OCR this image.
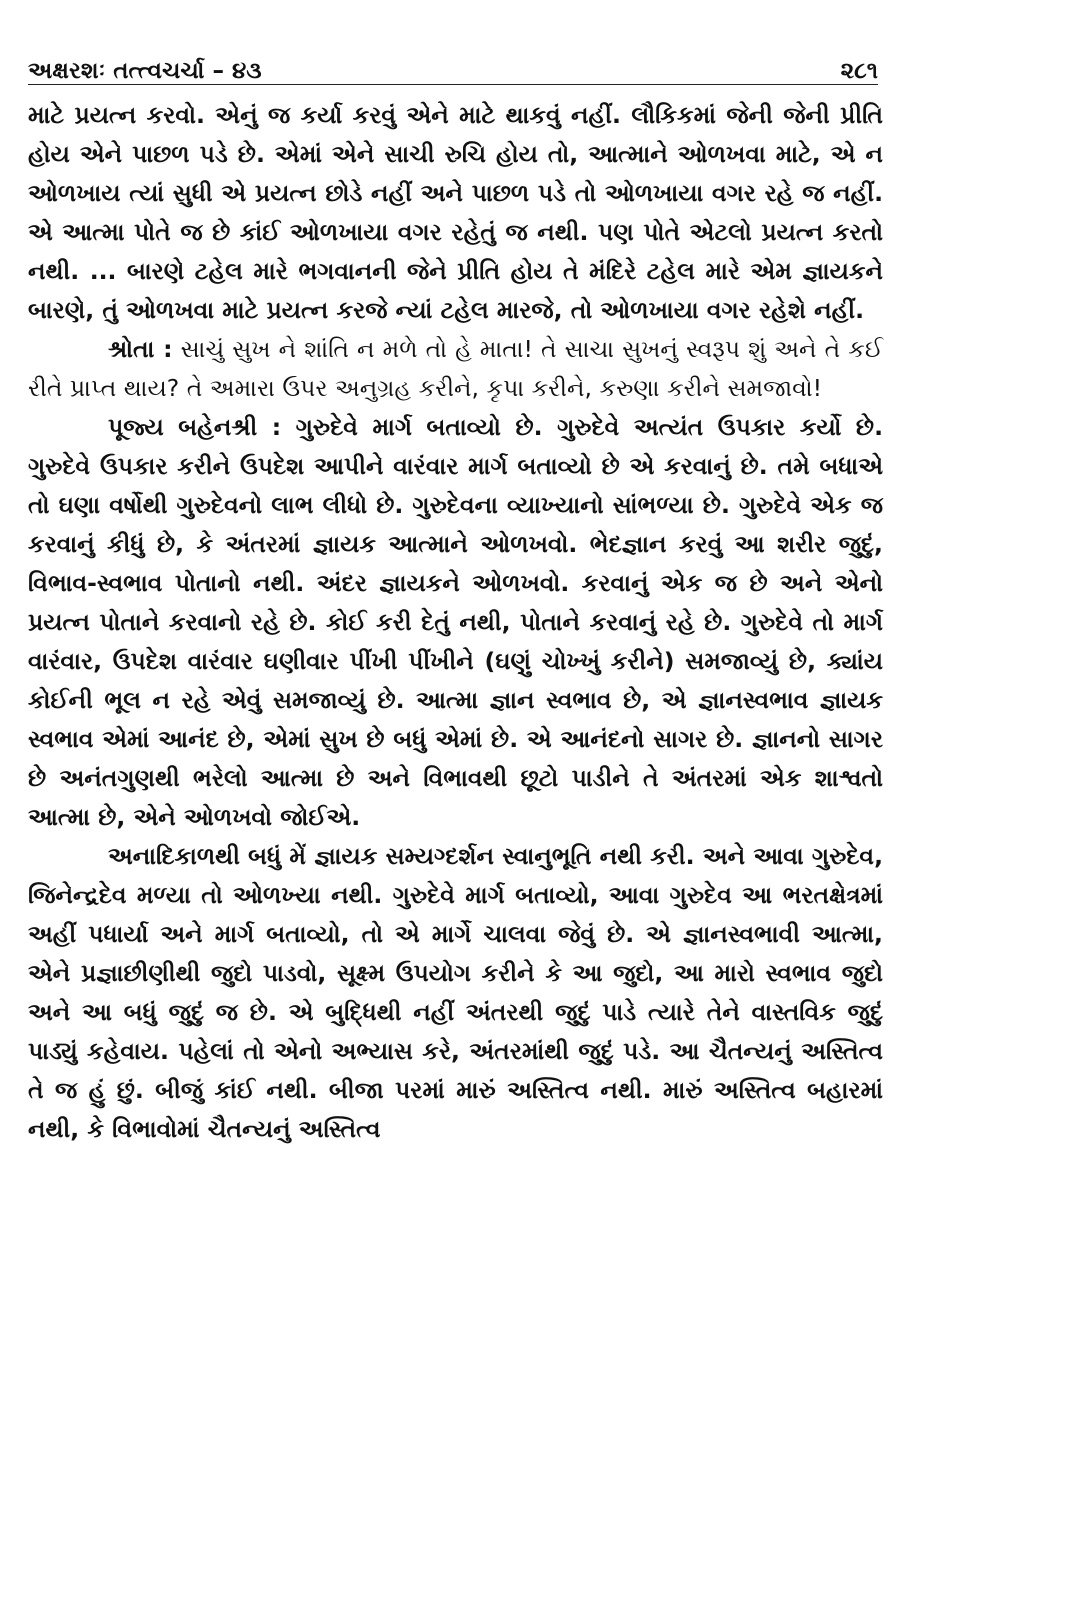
અક્ષરશઃ તત્ત્વચર્ચા – ૪૩	૨૮૧

માટે પ્રયત્ન કરવો. એનું જ કર્યા કરવું એને માટે થાકવું નહીં. લૌકિકમાં જેની જેની પ્રીતિ હોય એને પાછળ પડે છે. એમાં એને સાચી રુચિ હોય તો, આત્માને ઓળખવા માટે, એ ન ઓળખાય ત્યાં સુધી એ પ્રયત્ન છોડે નહીં અને પાછળ પડે તો ઓળખાયા વગર રહે જ નહીં. એ આત્મા પોતે જ છે કાંઈ ઓળખાયા વગર રહેતું જ નથી. પણ પોતે એટલો પ્રયત્ન કરતો નથી. ... બારણે ટહેલ મારે ભગવાનની જેને પ્રીતિ હોય તે મંદિરે ટહેલ મારે એમ જ્ઞાયકને બારણે, તું ઓળખવા માટે પ્રયત્ન કરજે ન્યાં ટહેલ મારજે, તો ઓળખાયા વગર રહેશે નહીં.

શ્રોતા : સાચું સુખ ને શાંતિ ન મળે તો હે માતા! તે સાચા સુખનું સ્વરૂપ શું અને તે કઈ રીતે પ્રાપ્ત થાય? તે અમારા ઉપર અનુગ્રહ કરીને, કૃપા કરીને, કરુણા કરીને સમજાવો!

પૂજ્ય બહેનશ્રી : ગુરુદેવે માર્ગ બતાવ્યો છે. ગુરુદેવે અત્યંત ઉપકાર કર્યો છે. ગુરુદેવે ઉપકાર કરીને ઉપદેશ આપીને વારંવાર માર્ગ બતાવ્યો છે એ કરવાનું છે. તમે બધાએ તો ઘણા વર્ષોથી ગુરુદેવનો લાભ લીધો છે. ગુરુદેવના વ્યાખ્યાનો સાંભળ્યા છે. ગુરુદેવે એક જ કરવાનું કીધું છે, કે અંતરમાં જ્ઞાયક આત્માને ઓળખવો. ભેદજ્ઞાન કરવું આ શરીર જુદું, વિભાવ-સ્વભાવ પોતાનો નથી. અંદર જ્ઞાયકને ઓળખવો. કરવાનું એક જ છે અને એનો પ્રયત્ન પોતાને કરવાનો રહે છે. કોઈ કરી દેતું નથી, પોતાને કરવાનું રહે છે. ગુરુદેવે તો માર્ગ વારંવાર, ઉપદેશ વારંવાર ઘણીવાર પીંખી પીંખીને (ઘણું ચોખ્ખું કરીને) સમજાવ્યું છે, ક્યાંય કોઈની ભૂલ ન રહે એવું સમજાવ્યું છે. આત્મા જ્ઞાન સ્વભાવ છે, એ જ્ઞાનસ્વભાવ જ્ઞાયક સ્વભાવ એમાં આનંદ છે, એમાં સુખ છે બધું એમાં છે. એ આનંદનો સાગર છે. જ્ઞાનનો સાગર છે અનંતગુણથી ભરેલો આત્મા છે અને વિભાવથી છૂટો પાડીને તે અંતરમાં એક શાશ્વતો આત્મા છે, એને ઓળખવો જોઈએ.

અનાદિકાળથી બધું મેં જ્ઞાયક સમ્યગ્દર્શન સ્વાનુભૂતિ નથી કરી. અને આવા ગુરુદેવ, જિનેન્દ્રદેવ મળ્યા તો ઓળખ્યા નથી. ગુરુદેવે માર્ગ બતાવ્યો, આવા ગુરુદેવ આ ભરતક્ષેત્રમાં અહીં પધાર્યા અને માર્ગ બતાવ્યો, તો એ માર્ગે ચાલવા જેવું છે. એ જ્ઞાનસ્વભાવી આત્મા, એને પ્રજ્ઞાછીણીથી જુદો પાડવો, સૂક્ષ્મ ઉપયોગ કરીને કે આ જુદો, આ મારો સ્વભાવ જુદો અને આ બધું જુદું જ છે. એ બુદ્ધિથી નહીં અંતરથી જુદું પાડે ત્યારે તેને વાસ્તવિક જુદું પાડ્યું કહેવાય. પહેલાં તો એનો અભ્યાસ કરે, અંતરમાંથી જુદું પડે. આ ચૈતન્યનું અસ્તિત્વ તે જ હું છું. બીજું કાંઈ નથી. બીજા પરમાં મારું અસ્તિત્વ નથી. મારું અસ્તિત્વ બહારમાં નથી, કે વિભાવોમાં ચૈતન્યનું અસ્તિત્વ
